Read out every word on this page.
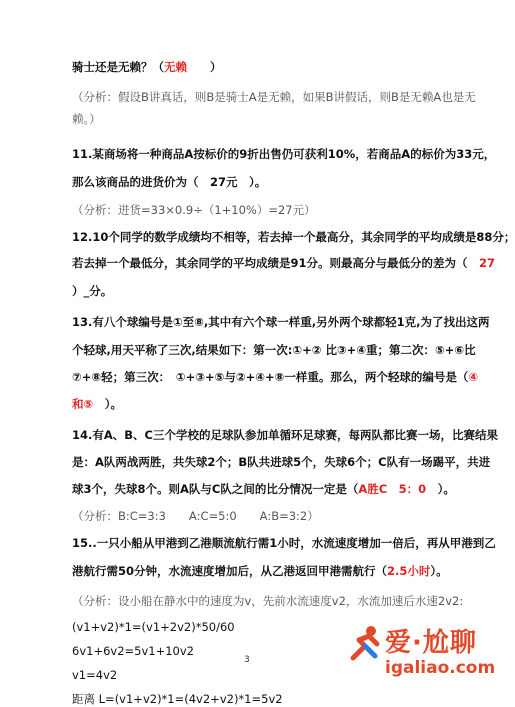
骑士还是无赖？（无赖　　）
（分析：假设B讲真话，则B是骑士A是无赖，如果B讲假话，则B是无赖A也是无
赖。）
11.某商场将一种商品A按标价的9折出售仍可获利10%，若商品A的标价为33元，
那么该商品的进货价为（　27元　）。
（分析：进货=33×0.9÷（1+10%）=27元）
12.10个同学的数学成绩均不相等，若去掉一个最高分，其余同学的平均成绩是88分；
若去掉一个最低分，其余同学的平均成绩是91分。则最高分与最低分的差为（　27
）_分。
13.有八个球编号是①至⑧,其中有六个球一样重,另外两个球都轻1克,为了找出这两
个轻球,用天平称了三次,结果如下：第一次:①+② 比③+④重；第二次：⑤+⑥比
⑦+⑧轻；第三次：　①+③+⑤与②+④+⑧一样重。那么，两个轻球的编号是（④
和⑤　）。
14.有A、B、C三个学校的足球队参加单循环足球赛，每两队都比赛一场，比赛结果
是：A队两战两胜，共失球2个；B队共进球5个，失球6个；C队有一场踢平，共进
球3个，失球8个。则A队与C队之间的比分情况一定是（A胜C　5：0　）。
（分析：B:C=3:3　　A:C=5:0　　A:B=3:2）
15..一只小船从甲港到乙港顺流航行需1小时，水流速度增加一倍后，再从甲港到乙
港航行需50分钟，水流速度增加后，从乙港返回甲港需航行（2.5小时）。
（分析：设小船在静水中的速度为v，先前水流速度v2，水流加速后水速2v2:
(v1+v2)*1=(v1+2v2)*50/60
6v1+6v2=5v1+10v2
v1=4v2
距离 L=(v1+v2)*1=(4v2+v2)*1=5v2
3
爱·尬聊
igaliao.com
